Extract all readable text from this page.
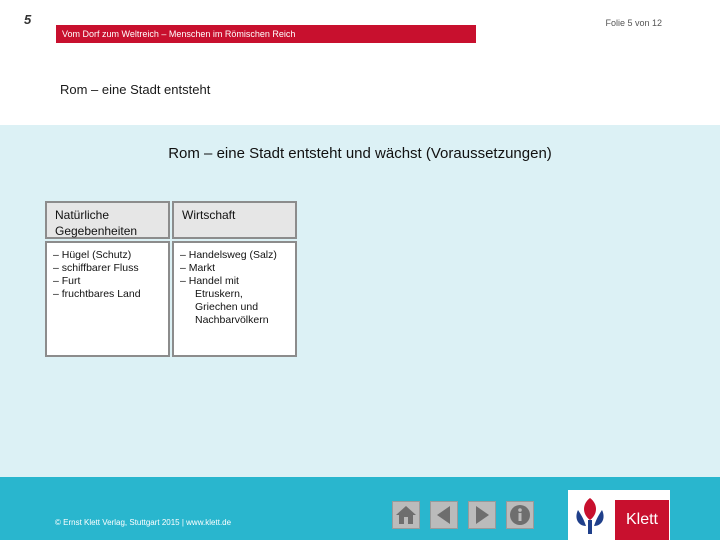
5	Folie 5 von 12
Vom Dorf zum Weltreich – Menschen im Römischen Reich
Rom – eine Stadt entsteht
Rom – eine Stadt entsteht und wächst (Voraussetzungen)
Natürliche Gegebenheiten
Wirtschaft
– Hügel (Schutz)
– schiffbarer Fluss
– Furt
– fruchtbares Land
– Handelsweg (Salz)
– Markt
– Handel mit
Etruskern,
Griechen und
Nachbarvölkern
© Ernst Klett Verlag, Stuttgart 2015 | www.klett.de	Klett
